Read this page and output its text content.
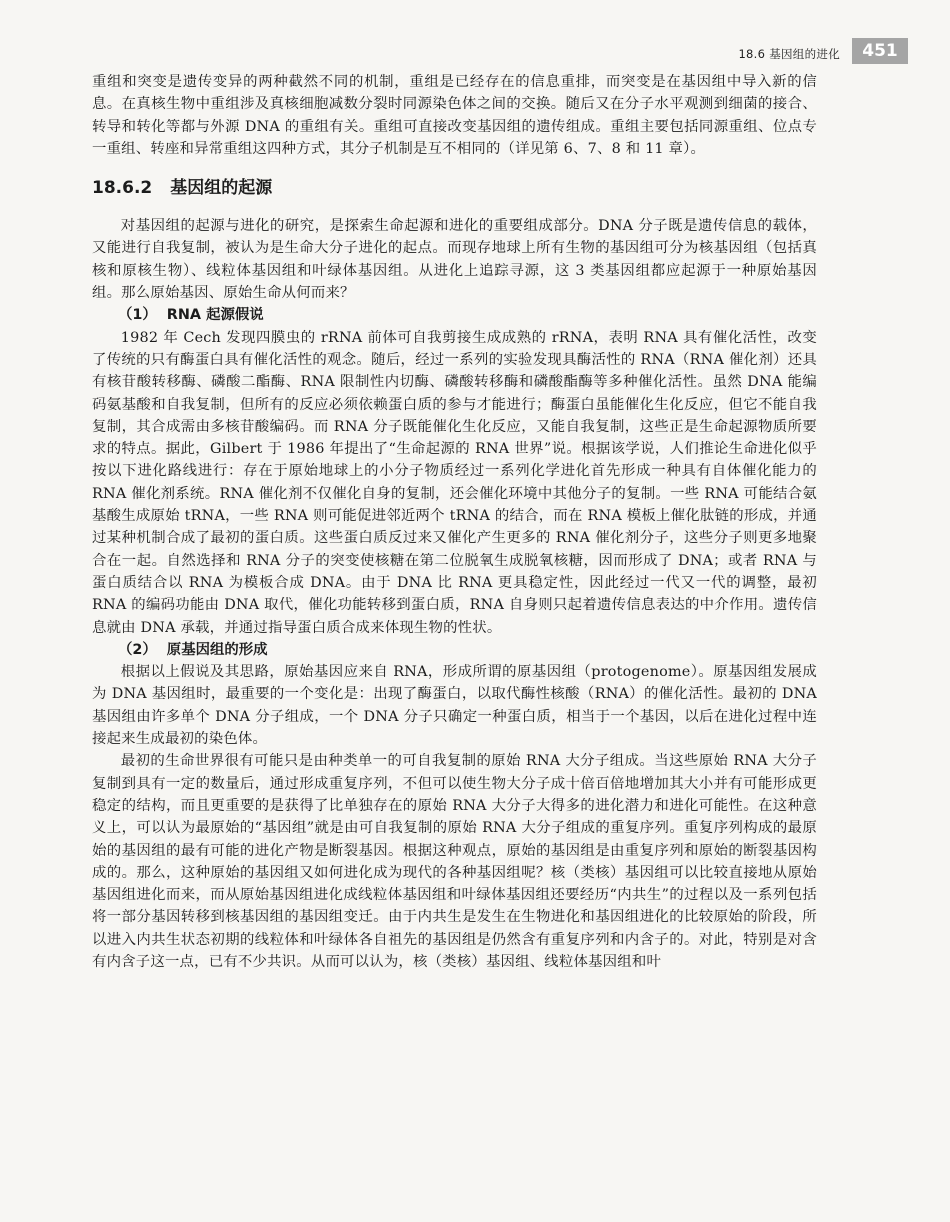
18.6 基因组的进化	451

重组和突变是遗传变异的两种截然不同的机制，重组是已经存在的信息重排，而突变是在基因组中导入新的信息。在真核生物中重组涉及真核细胞减数分裂时同源染色体之间的交换。随后又在分子水平观测到细菌的接合、转导和转化等都与外源 DNA 的重组有关。重组可直接改变基因组的遗传组成。重组主要包括同源重组、位点专一重组、转座和异常重组这四种方式，其分子机制是互不相同的（详见第 6、7、8 和 11 章）。

18.6.2 基因组的起源

对基因组的起源与进化的研究，是探索生命起源和进化的重要组成部分。DNA 分子既是遗传信息的载体，又能进行自我复制，被认为是生命大分子进化的起点。而现存地球上所有生物的基因组可分为核基因组（包括真核和原核生物）、线粒体基因组和叶绿体基因组。从进化上追踪寻源，这 3 类基因组都应起源于一种原始基因组。那么原始基因、原始生命从何而来？

（1） RNA 起源假说

1982 年 Cech 发现四膜虫的 rRNA 前体可自我剪接生成成熟的 rRNA，表明 RNA 具有催化活性，改变了传统的只有酶蛋白具有催化活性的观念。随后，经过一系列的实验发现具酶活性的 RNA（RNA 催化剂）还具有核苷酸转移酶、磷酸二酯酶、RNA 限制性内切酶、磷酸转移酶和磷酸酯酶等多种催化活性。虽然 DNA 能编码氨基酸和自我复制，但所有的反应必须依赖蛋白质的参与才能进行；酶蛋白虽能催化生化反应，但它不能自我复制，其合成需由多核苷酸编码。而 RNA 分子既能催化生化反应，又能自我复制，这些正是生命起源物质所要求的特点。据此，Gilbert 于 1986 年提出了“生命起源的 RNA 世界”说。根据该学说，人们推论生命进化似乎按以下进化路线进行：存在于原始地球上的小分子物质经过一系列化学进化首先形成一种具有自体催化能力的 RNA 催化剂系统。RNA 催化剂不仅催化自身的复制，还会催化环境中其他分子的复制。一些 RNA 可能结合氨基酸生成原始 tRNA，一些 RNA 则可能促进邻近两个 tRNA 的结合，而在 RNA 模板上催化肽链的形成，并通过某种机制合成了最初的蛋白质。这些蛋白质反过来又催化产生更多的 RNA 催化剂分子，这些分子则更多地聚合在一起。自然选择和 RNA 分子的突变使核糖在第二位脱氧生成脱氧核糖，因而形成了 DNA；或者 RNA 与蛋白质结合以 RNA 为模板合成 DNA。由于 DNA 比 RNA 更具稳定性，因此经过一代又一代的调整，最初 RNA 的编码功能由 DNA 取代，催化功能转移到蛋白质，RNA 自身则只起着遗传信息表达的中介作用。遗传信息就由 DNA 承载，并通过指导蛋白质合成来体现生物的性状。

（2） 原基因组的形成

根据以上假说及其思路，原始基因应来自 RNA，形成所谓的原基因组（protogenome）。原基因组发展成为 DNA 基因组时，最重要的一个变化是：出现了酶蛋白，以取代酶性核酸（RNA）的催化活性。最初的 DNA 基因组由许多单个 DNA 分子组成，一个 DNA 分子只确定一种蛋白质，相当于一个基因，以后在进化过程中连接起来生成最初的染色体。

最初的生命世界很有可能只是由种类单一的可自我复制的原始 RNA 大分子组成。当这些原始 RNA 大分子复制到具有一定的数量后，通过形成重复序列，不但可以使生物大分子成十倍百倍地增加其大小并有可能形成更稳定的结构，而且更重要的是获得了比单独存在的原始 RNA 大分子大得多的进化潜力和进化可能性。在这种意义上，可以认为最原始的“基因组”就是由可自我复制的原始 RNA 大分子组成的重复序列。重复序列构成的最原始的基因组的最有可能的进化产物是断裂基因。根据这种观点，原始的基因组是由重复序列和原始的断裂基因构成的。那么，这种原始的基因组又如何进化成为现代的各种基因组呢？核（类核）基因组可以比较直接地从原始基因组进化而来，而从原始基因组进化成线粒体基因组和叶绿体基因组还要经历“内共生”的过程以及一系列包括将一部分基因转移到核基因组的基因组变迁。由于内共生是发生在生物进化和基因组进化的比较原始的阶段，所以进入内共生状态初期的线粒体和叶绿体各自祖先的基因组是仍然含有重复序列和内含子的。对此，特别是对含有内含子这一点，已有不少共识。从而可以认为，核（类核）基因组、线粒体基因组和叶
